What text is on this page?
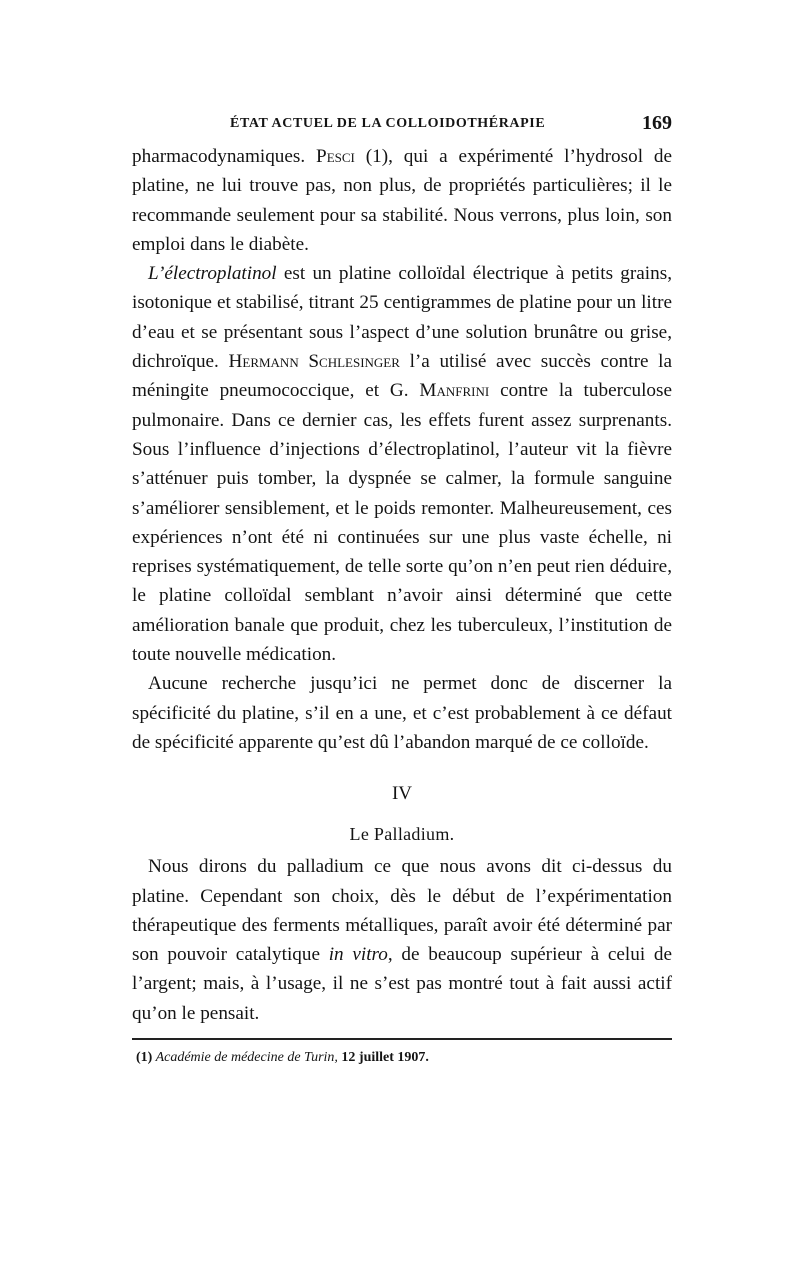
ÉTAT ACTUEL DE LA COLLOIDOTHÉRAPIE	169

pharmacodynamiques. Pesci (1), qui a expérimenté l’hydrosol de platine, ne lui trouve pas, non plus, de propriétés particulières; il le recommande seulement pour sa stabilité. Nous verrons, plus loin, son emploi dans le diabète.

L’électroplatinol est un platine colloïdal électrique à petits grains, isotonique et stabilisé, titrant 25 centigrammes de platine pour un litre d’eau et se présentant sous l’aspect d’une solution brunâtre ou grise, dichroïque. Hermann Schlesinger l’a utilisé avec succès contre la méningite pneumococcique, et G. Manfrini contre la tuberculose pulmonaire. Dans ce dernier cas, les effets furent assez surprenants. Sous l’influence d’injections d’électroplatinol, l’auteur vit la fièvre s’atténuer puis tomber, la dyspnée se calmer, la formule sanguine s’améliorer sensiblement, et le poids remonter. Malheureusement, ces expériences n’ont été ni continuées sur une plus vaste échelle, ni reprises systématiquement, de telle sorte qu’on n’en peut rien déduire, le platine colloïdal semblant n’avoir ainsi déterminé que cette amélioration banale que produit, chez les tuberculeux, l’institution de toute nouvelle médication.

Aucune recherche jusqu’ici ne permet donc de discerner la spécificité du platine, s’il en a une, et c’est probablement à ce défaut de spécificité apparente qu’est dû l’abandon marqué de ce colloïde.

IV
Le Palladium.

Nous dirons du palladium ce que nous avons dit ci-dessus du platine. Cependant son choix, dès le début de l’expérimentation thérapeutique des ferments métalliques, paraît avoir été déterminé par son pouvoir catalytique in vitro, de beaucoup supérieur à celui de l’argent; mais, à l’usage, il ne s’est pas montré tout à fait aussi actif qu’on le pensait.

(1) Académie de médecine de Turin, 12 juillet 1907.
